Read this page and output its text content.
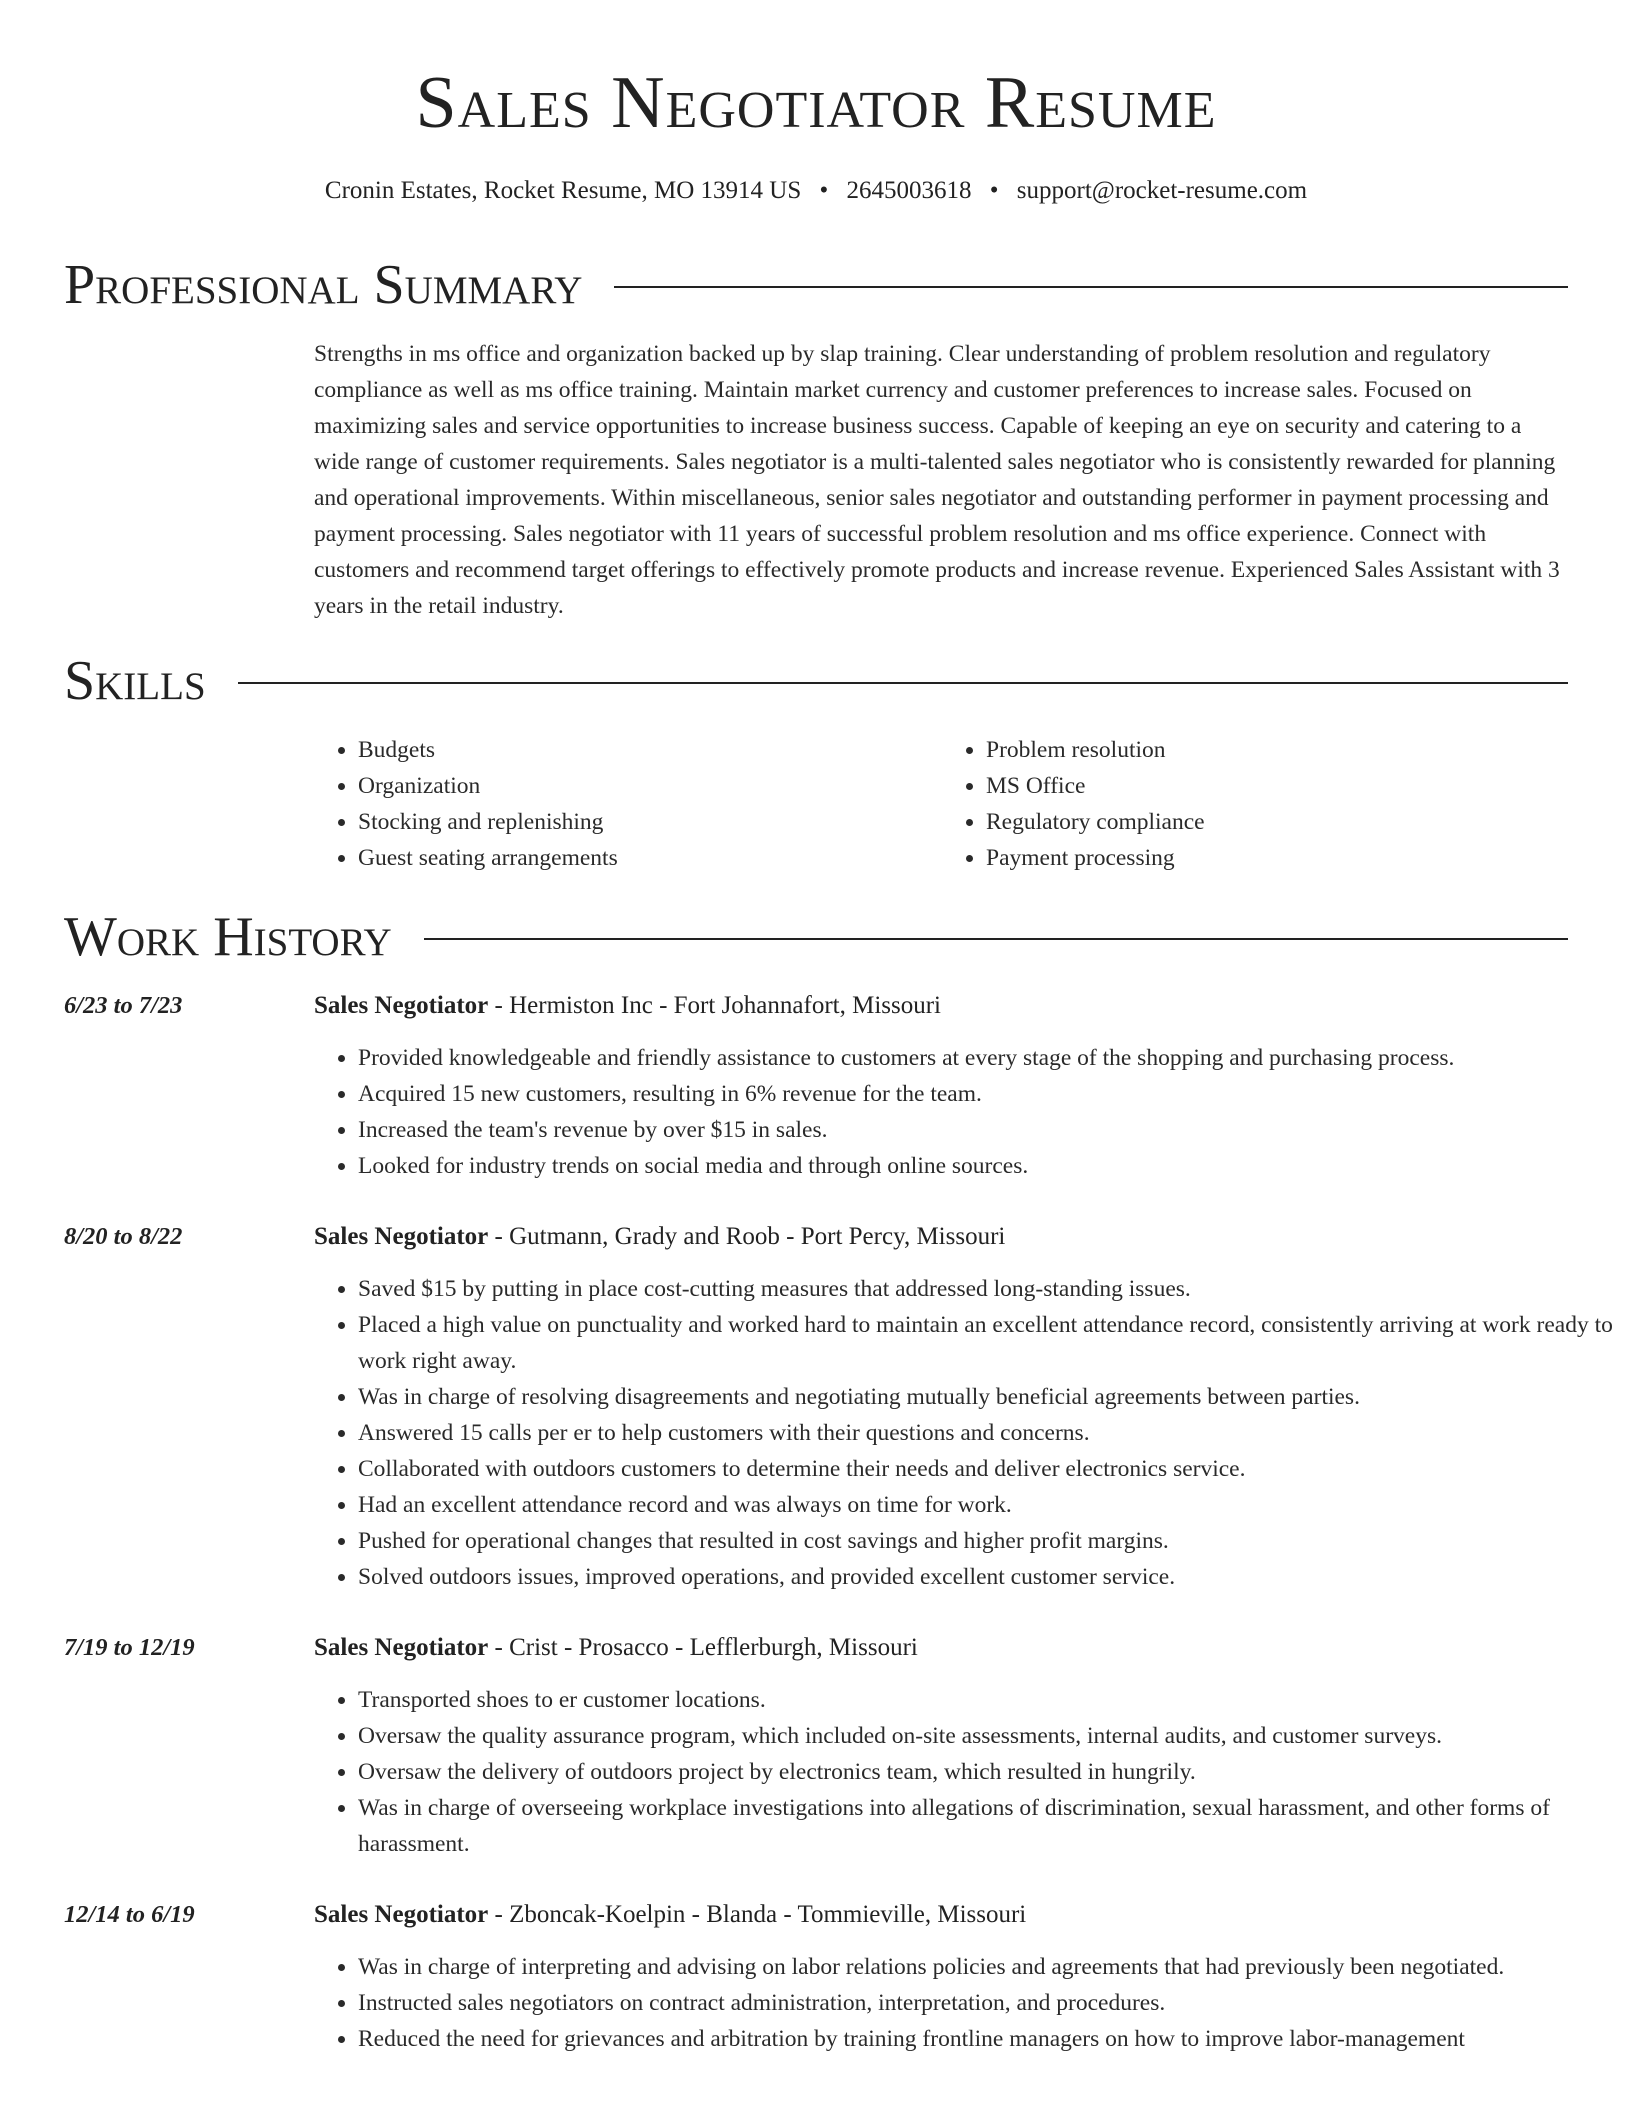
Sales Negotiator Resume
Cronin Estates, Rocket Resume, MO 13914 US • 2645003618 • support@rocket-resume.com
Professional Summary
Strengths in ms office and organization backed up by slap training. Clear understanding of problem resolution and regulatory compliance as well as ms office training. Maintain market currency and customer preferences to increase sales. Focused on maximizing sales and service opportunities to increase business success. Capable of keeping an eye on security and catering to a wide range of customer requirements. Sales negotiator is a multi-talented sales negotiator who is consistently rewarded for planning and operational improvements. Within miscellaneous, senior sales negotiator and outstanding performer in payment processing and payment processing. Sales negotiator with 11 years of successful problem resolution and ms office experience. Connect with customers and recommend target offerings to effectively promote products and increase revenue. Experienced Sales Assistant with 3 years in the retail industry.
Skills
• Budgets
• Organization
• Stocking and replenishing
• Guest seating arrangements
• Problem resolution
• MS Office
• Regulatory compliance
• Payment processing
Work History
6/23 to 7/23	Sales Negotiator - Hermiston Inc - Fort Johannafort, Missouri
• Provided knowledgeable and friendly assistance to customers at every stage of the shopping and purchasing process.
• Acquired 15 new customers, resulting in 6% revenue for the team.
• Increased the team's revenue by over $15 in sales.
• Looked for industry trends on social media and through online sources.
8/20 to 8/22	Sales Negotiator - Gutmann, Grady and Roob - Port Percy, Missouri
• Saved $15 by putting in place cost-cutting measures that addressed long-standing issues.
• Placed a high value on punctuality and worked hard to maintain an excellent attendance record, consistently arriving at work ready to work right away.
• Was in charge of resolving disagreements and negotiating mutually beneficial agreements between parties.
• Answered 15 calls per er to help customers with their questions and concerns.
• Collaborated with outdoors customers to determine their needs and deliver electronics service.
• Had an excellent attendance record and was always on time for work.
• Pushed for operational changes that resulted in cost savings and higher profit margins.
• Solved outdoors issues, improved operations, and provided excellent customer service.
7/19 to 12/19	Sales Negotiator - Crist - Prosacco - Lefflerburgh, Missouri
• Transported shoes to er customer locations.
• Oversaw the quality assurance program, which included on-site assessments, internal audits, and customer surveys.
• Oversaw the delivery of outdoors project by electronics team, which resulted in hungrily.
• Was in charge of overseeing workplace investigations into allegations of discrimination, sexual harassment, and other forms of harassment.
12/14 to 6/19	Sales Negotiator - Zboncak-Koelpin - Blanda - Tommieville, Missouri
• Was in charge of interpreting and advising on labor relations policies and agreements that had previously been negotiated.
• Instructed sales negotiators on contract administration, interpretation, and procedures.
• Reduced the need for grievances and arbitration by training frontline managers on how to improve labor-management
